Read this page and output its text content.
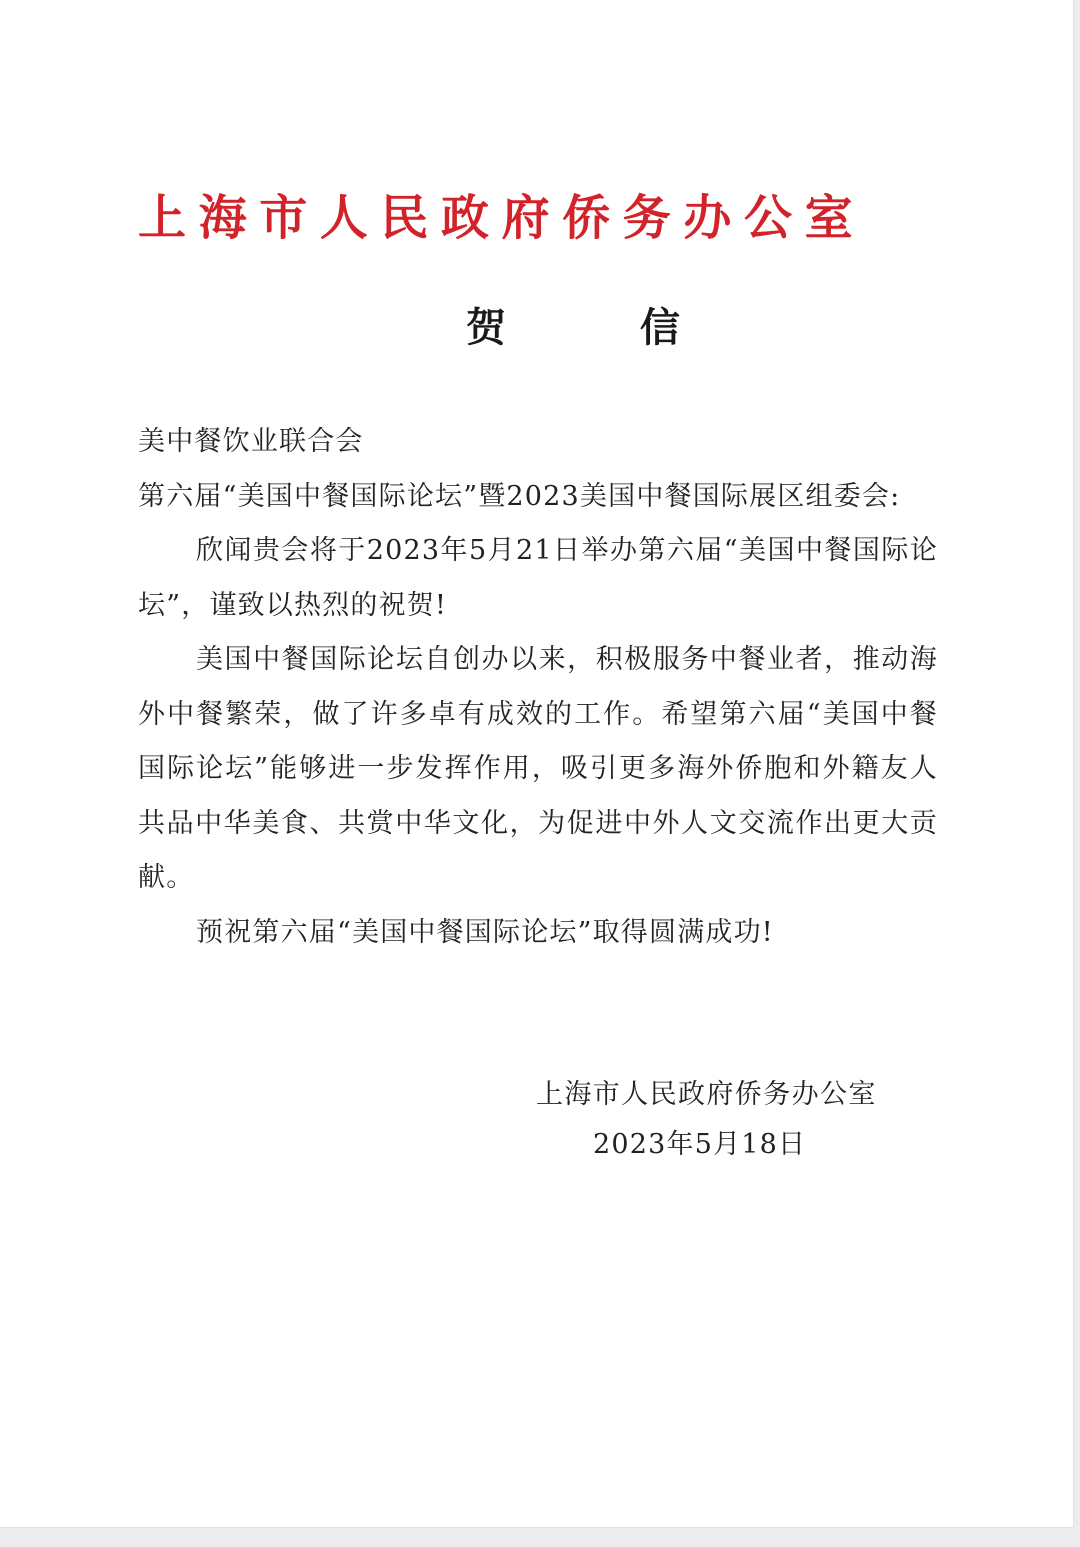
上海市人民政府侨务办公室
贺 信

美中餐饮业联合会

第六届“美国中餐国际论坛”暨2023美国中餐国际展区组委会:

欣闻贵会将于2023年5月21日举办第六届“美国中餐国际论坛”，谨致以热烈的祝贺!

美国中餐国际论坛自创办以来，积极服务中餐业者，推动海外中餐繁荣，做了许多卓有成效的工作。希望第六届“美国中餐国际论坛”能够进一步发挥作用，吸引更多海外侨胞和外籍友人共品中华美食、共赏中华文化，为促进中外人文交流作出更大贡献。

预祝第六届“美国中餐国际论坛”取得圆满成功!

上海市人民政府侨务办公室
2023年5月18日
